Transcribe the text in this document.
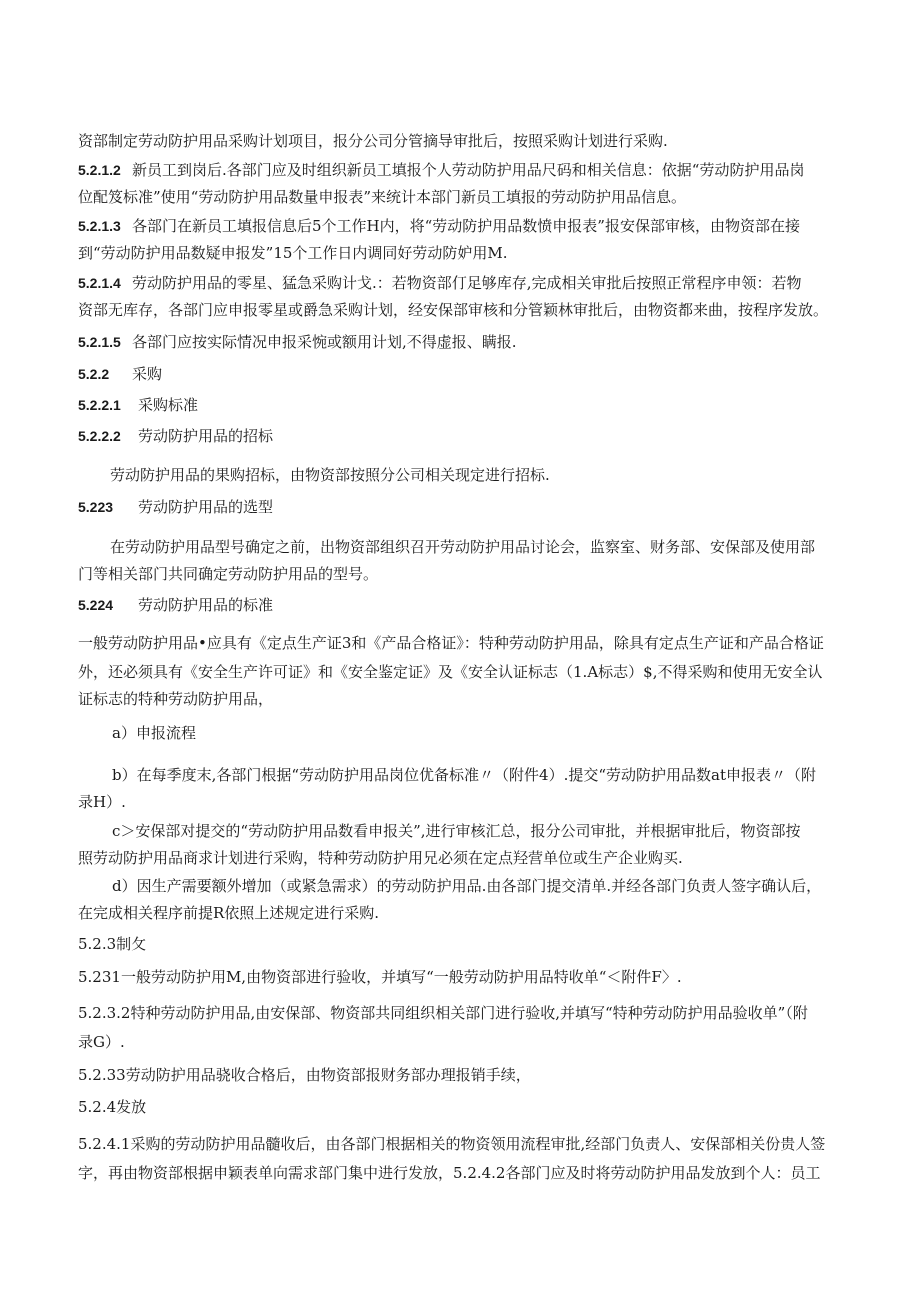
资部制定劳动防护用品采购计划项目，报分公司分管摘导审批后，按照采购计划进行采购.
5.2.1.2 新员工到岗后.各部门应及时组织新员工填报个人劳动防护用品尺码和相关信息：依据“劳动防护用品岗
位配笈标准”使用“劳动防护用品数量申报表”来统计本部门新员工填报的劳动防护用品信息。
5.2.1.3 各部门在新员工填报信息后5个工作H内，将“劳动防护用品数愤申报表”报安保部审核，由物资部在接
到“劳动防护用品数疑申报发”15个工作日内调同好劳动防妒用M.
5.2.1.4 劳动防护用品的零星、猛急采购计戈.：若物资部仃足够库存,完成相关审批后按照正常程序申领：若物
资部无库存，各部门应申报零星或爵急采购计划，经安保部审核和分管颖林审批后，由物资都来曲，按程序发放。
5.2.1.5 各部门应按实际情况申报采惋或额用计划,不得虚报、瞒报.
5.2.2 采购
5.2.2.1 采购标准
5.2.2.2 劳动防护用品的招标
劳动防护用品的果购招标，由物资部按照分公司相关现定进行招标.
5.223 劳动防护用品的选型
在劳动防护用品型号确定之前，出物资部组织召开劳动防护用品讨论会，监察室、财务部、安保部及使用部
门等相关部门共同确定劳动防护用品的型号。
5.224 劳动防护用品的标准
一般劳动防护用品•应具有《定点生产证3和《产品合格证》：特种劳动防护用品，除具有定点生产证和产品合格证
外，还必须具有《安全生产许可证》和《安全鉴定证》及《安全认证标志（1.A标志）$,不得采购和使用无安全认
证标志的特种劳动防护用品，
a）申报流程
b）在每季度末,各部门根据“劳动防护用品岗位优备标准〃（附件4）.提交“劳动防护用品数at申报表〃（附
录H）.
c＞安保部对提交的“劳动防护用品数看申报关”,进行审核汇总，报分公司审批，并根据审批后，物资部按
照劳动防护用品商求计划进行采购，特种劳动防护用兄必须在定点羟营单位或生产企业购买.
d）因生产需要额外增加（或紧急需求）的劳动防护用品.由各部门提交清单.并经各部门负责人签字确认后，
在完成相关程序前提R依照上述规定进行采购.
5.2.3制攵
5.231一般劳动防护用M,由物资部进行验收，并填写“一般劳动防护用品特收单“＜附件F〉.
5.2.3.2特种劳动防护用品,由安保部、物资部共同组织相关部门进行验收,并填写“特种劳动防护用品验收单”（附
录G）.
5.2.33劳动防护用品骁收合格后，由物资部报财务部办理报销手续，
5.2.4发放
5.2.4.1采购的劳动防护用品髓收后，由各部门根据相关的物资领用流程审批,经部门负责人、安保部相关份贵人签
字，再由物资部根据申颖表单向需求部门集中进行发放，5.2.4.2各部门应及时将劳动防护用品发放到个人：员工
